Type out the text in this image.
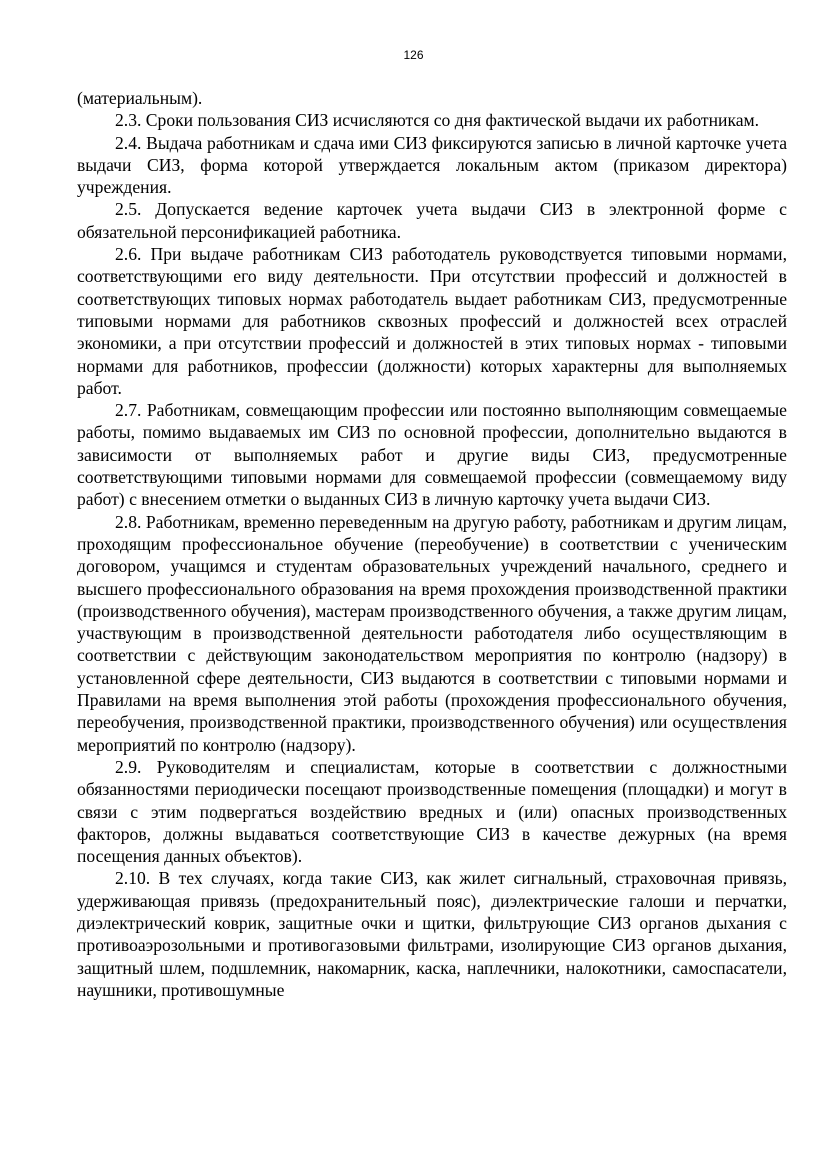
126

(материальным).

2.3. Сроки пользования СИЗ исчисляются со дня фактической выдачи их работникам.

2.4. Выдача работникам и сдача ими СИЗ фиксируются записью в личной карточке учета выдачи СИЗ, форма которой утверждается локальным актом (приказом директора) учреждения.

2.5. Допускается ведение карточек учета выдачи СИЗ в электронной форме с обязательной персонификацией работника.

2.6. При выдаче работникам СИЗ работодатель руководствуется типовыми нормами, соответствующими его виду деятельности. При отсутствии профессий и должностей в соответствующих типовых нормах работодатель выдает работникам СИЗ, предусмотренные типовыми нормами для работников сквозных профессий и должностей всех отраслей экономики, а при отсутствии профессий и должностей в этих типовых нормах - типовыми нормами для работников, профессии (должности) которых характерны для выполняемых работ.

2.7. Работникам, совмещающим профессии или постоянно выполняющим совмещаемые работы, помимо выдаваемых им СИЗ по основной профессии, дополнительно выдаются в зависимости от выполняемых работ и другие виды СИЗ, предусмотренные соответствующими типовыми нормами для совмещаемой профессии (совмещаемому виду работ) с внесением отметки о выданных СИЗ в личную карточку учета выдачи СИЗ.

2.8. Работникам, временно переведенным на другую работу, работникам и другим лицам, проходящим профессиональное обучение (переобучение) в соответствии с ученическим договором, учащимся и студентам образовательных учреждений начального, среднего и высшего профессионального образования на время прохождения производственной практики (производственного обучения), мастерам производственного обучения, а также другим лицам, участвующим в производственной деятельности работодателя либо осуществляющим в соответствии с действующим законодательством мероприятия по контролю (надзору) в установленной сфере деятельности, СИЗ выдаются в соответствии с типовыми нормами и Правилами на время выполнения этой работы (прохождения профессионального обучения, переобучения, производственной практики, производственного обучения) или осуществления мероприятий по контролю (надзору).

2.9. Руководителям и специалистам, которые в соответствии с должностными обязанностями периодически посещают производственные помещения (площадки) и могут в связи с этим подвергаться воздействию вредных и (или) опасных производственных факторов, должны выдаваться соответствующие СИЗ в качестве дежурных (на время посещения данных объектов).

2.10. В тех случаях, когда такие СИЗ, как жилет сигнальный, страховочная привязь, удерживающая привязь (предохранительный пояс), диэлектрические галоши и перчатки, диэлектрический коврик, защитные очки и щитки, фильтрующие СИЗ органов дыхания с противоаэрозольными и противогазовыми фильтрами, изолирующие СИЗ органов дыхания, защитный шлем, подшлемник, накомарник, каска, наплечники, налокотники, самоспасатели, наушники, противошумные
